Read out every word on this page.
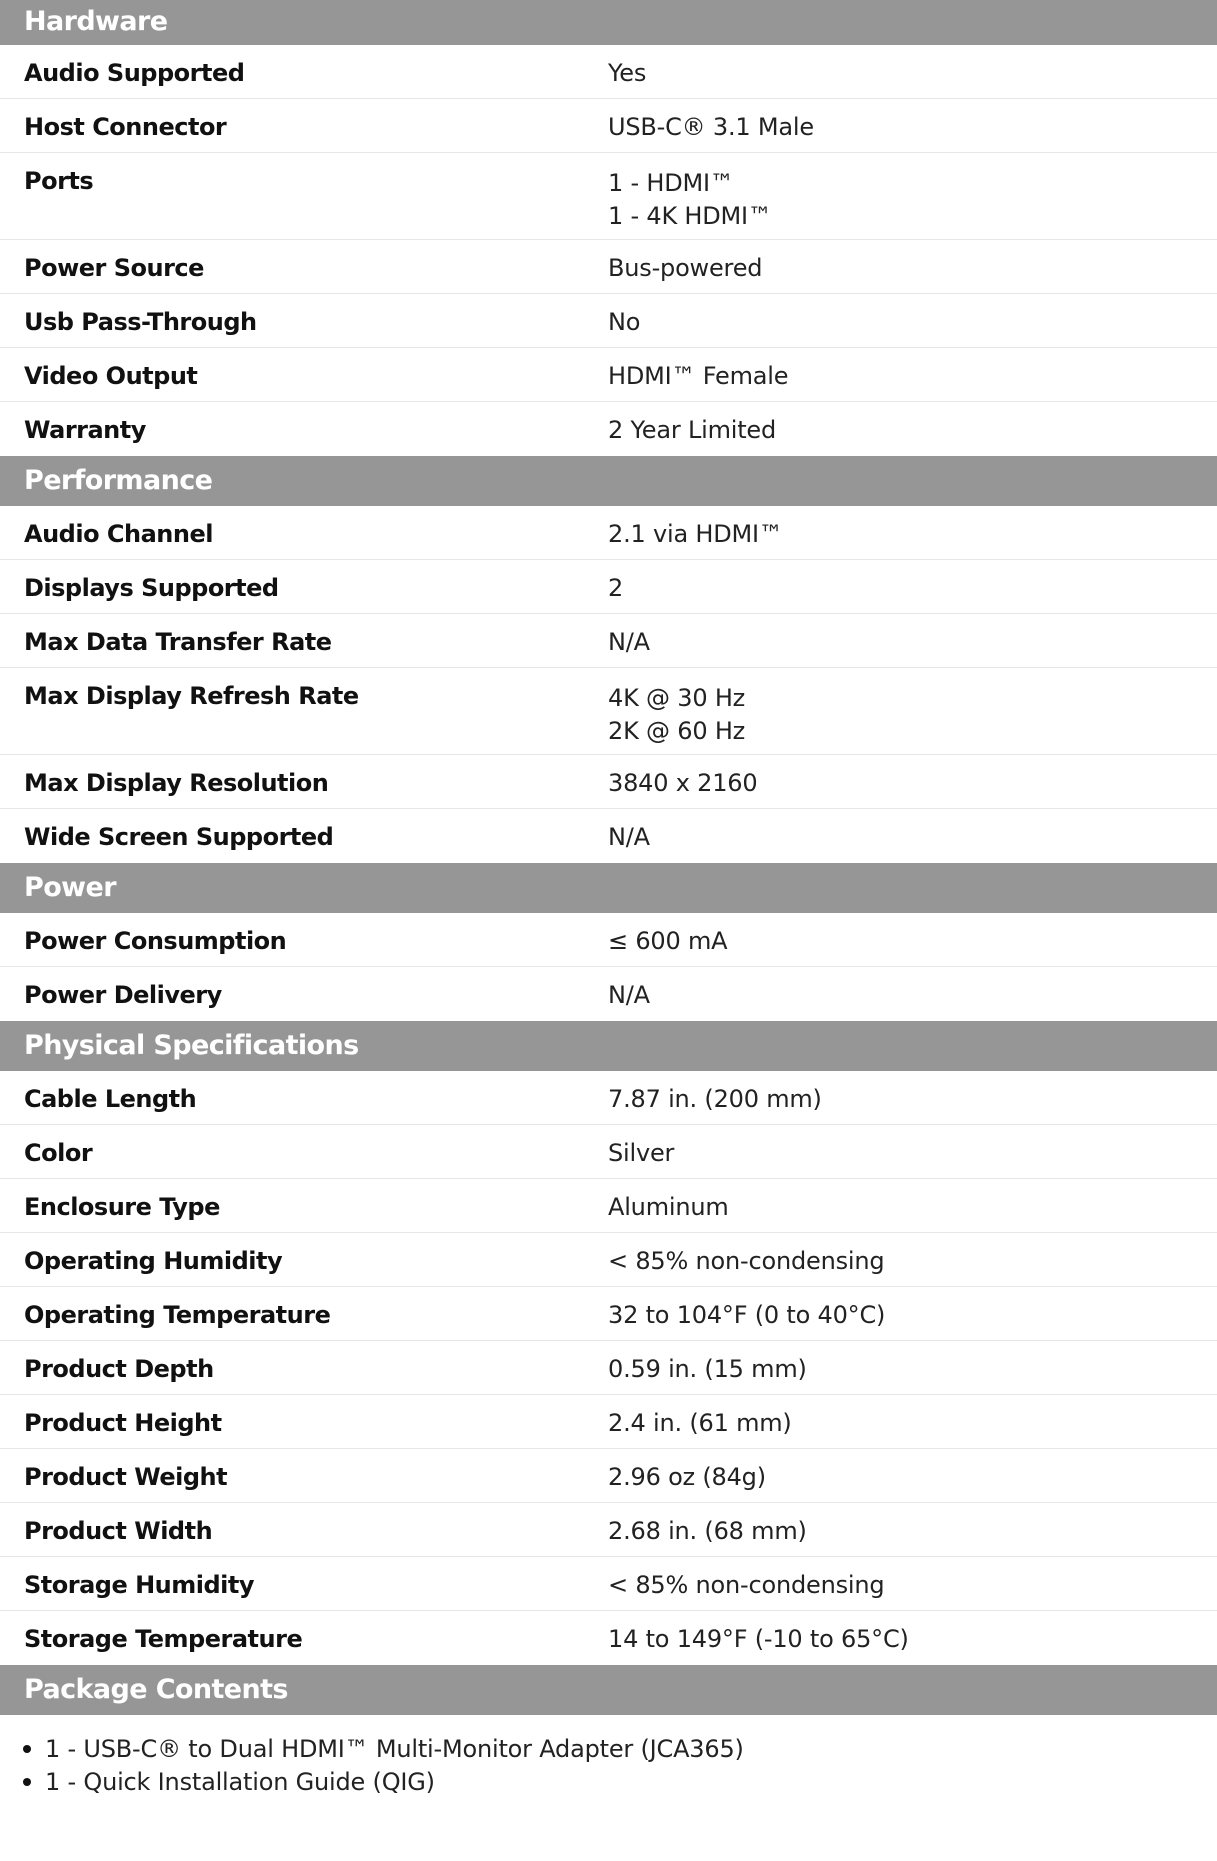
Hardware
Audio Supported	Yes
Host Connector	USB-C® 3.1 Male
Ports	1 - HDMI™
1 - 4K HDMI™
Power Source	Bus-powered
Usb Pass-Through	No
Video Output	HDMI™ Female
Warranty	2 Year Limited
Performance
Audio Channel	2.1 via HDMI™
Displays Supported	2
Max Data Transfer Rate	N/A
Max Display Refresh Rate	4K @ 30 Hz
2K @ 60 Hz
Max Display Resolution	3840 x 2160
Wide Screen Supported	N/A
Power
Power Consumption	≤ 600 mA
Power Delivery	N/A
Physical Specifications
Cable Length	7.87 in. (200 mm)
Color	Silver
Enclosure Type	Aluminum
Operating Humidity	< 85% non-condensing
Operating Temperature	32 to 104°F (0 to 40°C)
Product Depth	0.59 in. (15 mm)
Product Height	2.4 in. (61 mm)
Product Weight	2.96 oz (84g)
Product Width	2.68 in. (68 mm)
Storage Humidity	< 85% non-condensing
Storage Temperature	14 to 149°F (-10 to 65°C)
Package Contents
1 - USB-C® to Dual HDMI™ Multi-Monitor Adapter (JCA365)
1 - Quick Installation Guide (QIG)
